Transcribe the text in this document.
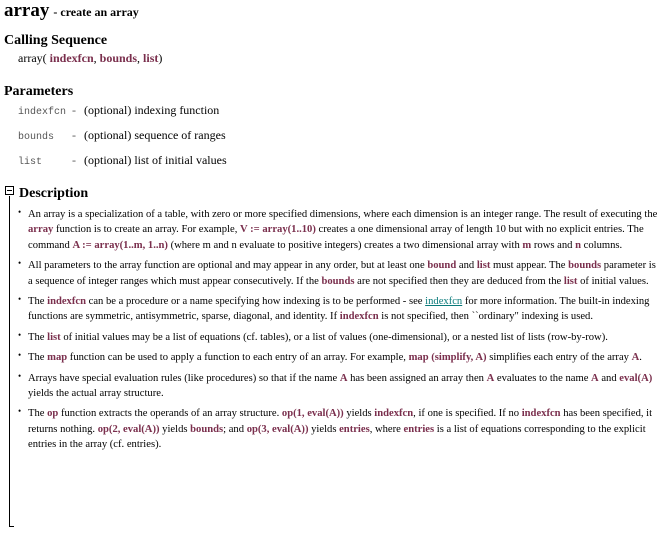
array - create an array
Calling Sequence
array( indexfcn, bounds, list)
Parameters
indexfcn - (optional) indexing function
bounds - (optional) sequence of ranges
list - (optional) list of initial values
Description
• An array is a specialization of a table, with zero or more specified dimensions, where each dimension is an integer range. The result of executing the array function is to create an array. For example, V := array(1..10) creates a one dimensional array of length 10 but with no explicit entries. The command A := array(1..m, 1..n) (where m and n evaluate to positive integers) creates a two dimensional array with m rows and n columns.
• All parameters to the array function are optional and may appear in any order, but at least one bound and list must appear. The bounds parameter is a sequence of integer ranges which must appear consecutively. If the bounds are not specified then they are deduced from the list of initial values.
• The indexfcn can be a procedure or a name specifying how indexing is to be performed - see indexfcn for more information. The built-in indexing functions are symmetric, antisymmetric, sparse, diagonal, and identity. If indexfcn is not specified, then ``ordinary" indexing is used.
• The list of initial values may be a list of equations (cf. tables), or a list of values (one-dimensional), or a nested list of lists (row-by-row).
• The map function can be used to apply a function to each entry of an array. For example, map (simplify, A) simplifies each entry of the array A.
• Arrays have special evaluation rules (like procedures) so that if the name A has been assigned an array then A evaluates to the name A and eval(A) yields the actual array structure.
• The op function extracts the operands of an array structure. op(1, eval(A)) yields indexfcn, if one is specified. If no indexfcn has been specified, it returns nothing. op(2, eval(A)) yields bounds; and op(3, eval(A)) yields entries, where entries is a list of equations corresponding to the explicit entries in the array (cf. entries).
